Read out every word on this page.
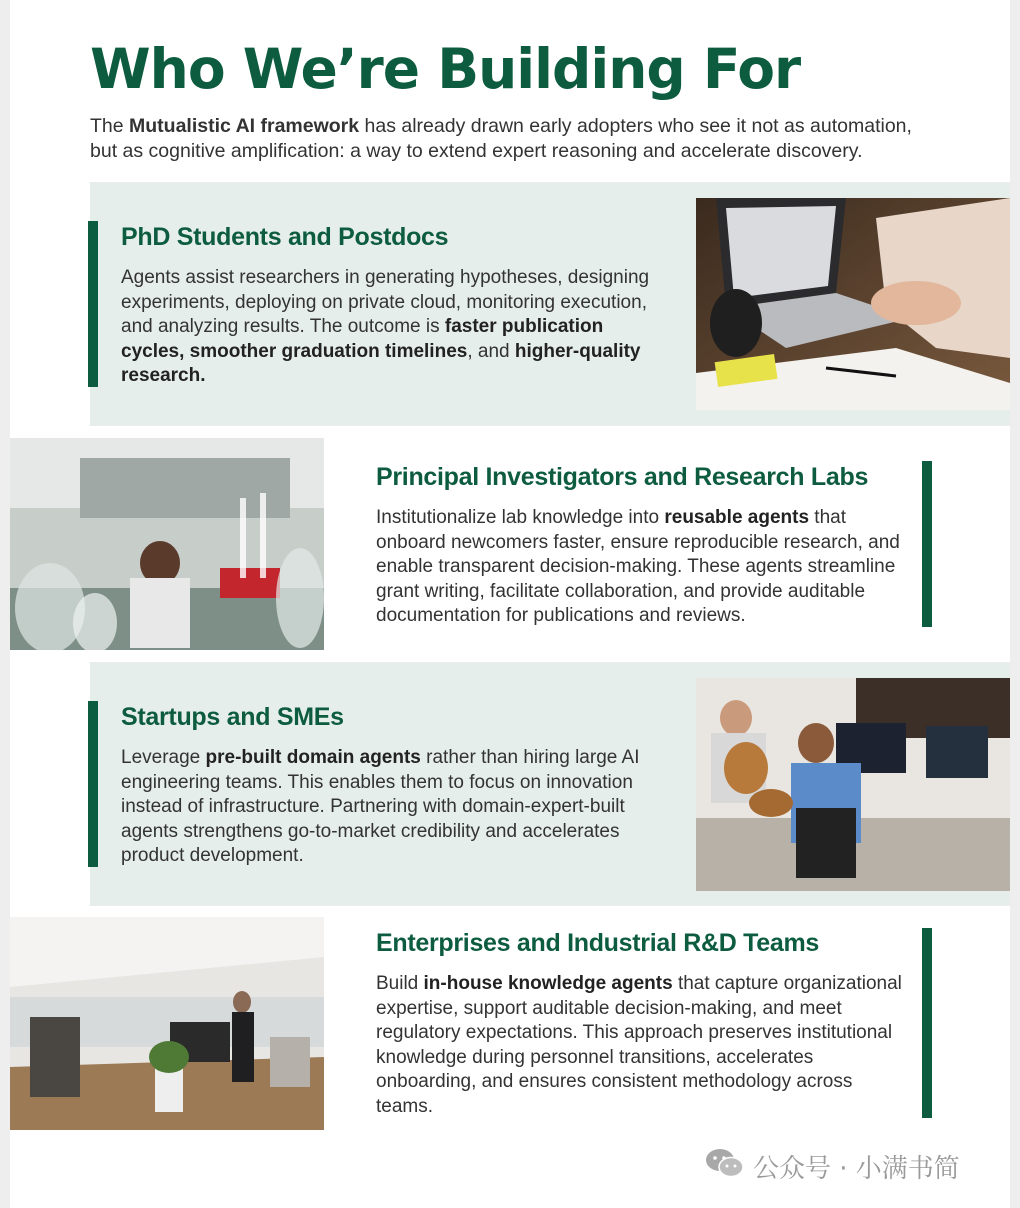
Who We’re Building For

The Mutualistic AI framework has already drawn early adopters who see it not as automation, but as cognitive amplification: a way to extend expert reasoning and accelerate discovery.

PhD Students and Postdocs

Agents assist researchers in generating hypotheses, designing experiments, deploying on private cloud, monitoring execution, and analyzing results. The outcome is faster publication cycles, smoother graduation timelines, and higher-quality research.

Principal Investigators and Research Labs

Institutionalize lab knowledge into reusable agents that onboard newcomers faster, ensure reproducible research, and enable transparent decision-making. These agents streamline grant writing, facilitate collaboration, and provide auditable documentation for publications and reviews.

Startups and SMEs

Leverage pre-built domain agents rather than hiring large AI engineering teams. This enables them to focus on innovation instead of infrastructure. Partnering with domain-expert-built agents strengthens go-to-market credibility and accelerates product development.

Enterprises and Industrial R&D Teams

Build in-house knowledge agents that capture organizational expertise, support auditable decision-making, and meet regulatory expectations. This approach preserves institutional knowledge during personnel transitions, accelerates onboarding, and ensures consistent methodology across teams.

公众号 · 小满书简
